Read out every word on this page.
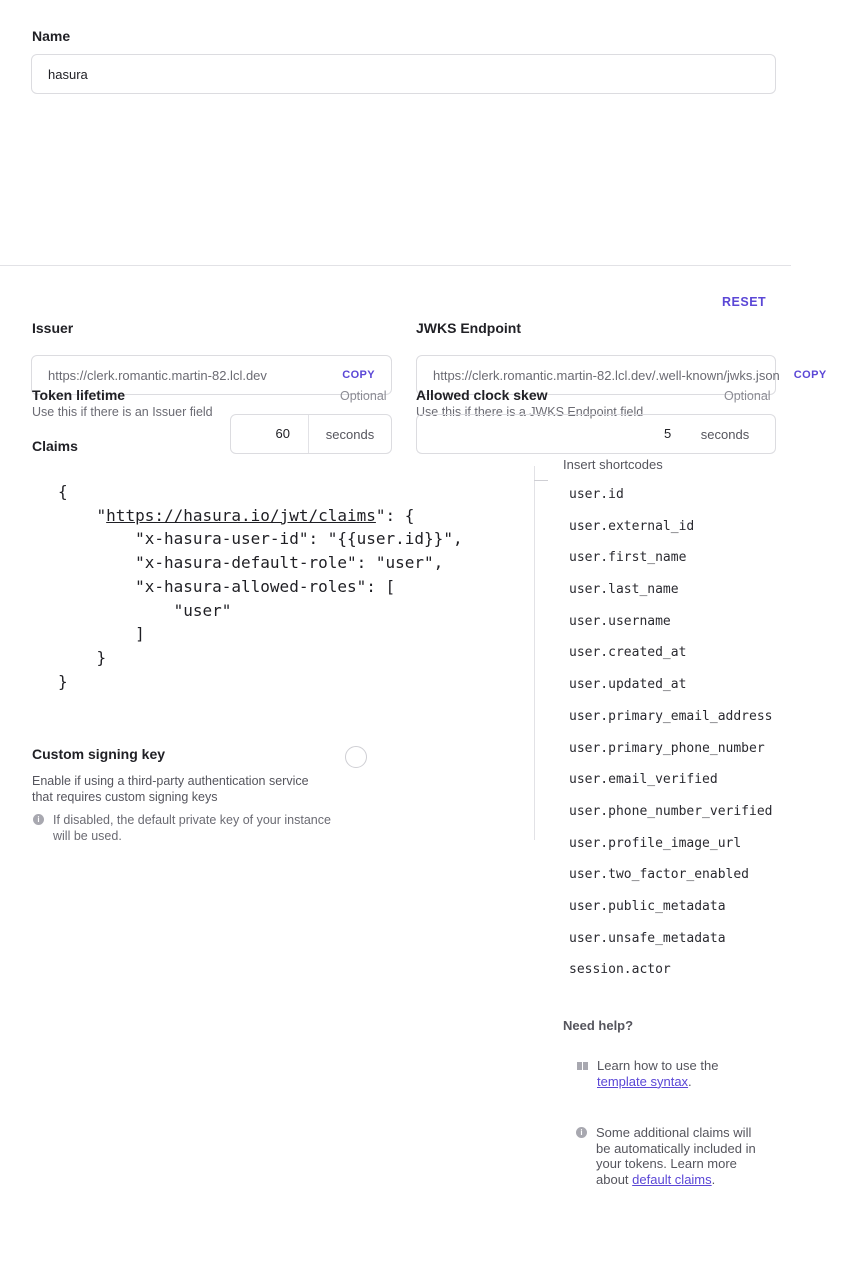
Name
hasura
RESET
Issuer
https://clerk.romantic.martin-82.lcl.dev	COPY
JWKS Endpoint
https://clerk.romantic.martin-82.lcl.dev/.well-known/jwks.json	COPY
Token lifetime	Optional
Use this if there is an Issuer field
60	seconds
Allowed clock skew	Optional
Use this if there is a JWKS Endpoint field
5	seconds
Claims
{
"https://hasura.io/jwt/claims": {
"x-hasura-user-id": "{{user.id}}",
"x-hasura-default-role": "user",
"x-hasura-allowed-roles": [
"user"
]
}
}
Insert shortcodes
user.id
user.external_id
user.first_name
user.last_name
user.username
user.created_at
user.updated_at
user.primary_email_address
user.primary_phone_number
user.email_verified
user.phone_number_verified
user.profile_image_url
user.two_factor_enabled
user.public_metadata
user.unsafe_metadata
session.actor
Custom signing key
Enable if using a third-party authentication service that requires custom signing keys
i	If disabled, the default private key of your instance will be used.
Need help?
Learn how to use the template syntax.
i	Some additional claims will be automatically included in your tokens. Learn more about default claims.
